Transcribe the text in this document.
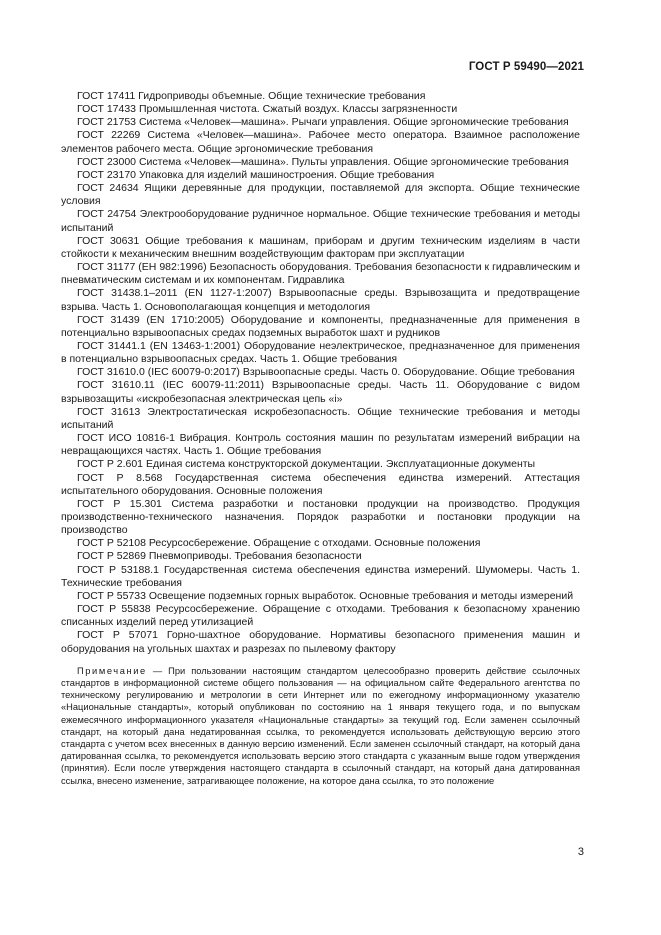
ГОСТ Р 59490—2021

ГОСТ 17411 Гидроприводы объемные. Общие технические требования

ГОСТ 17433 Промышленная чистота. Сжатый воздух. Классы загрязненности

ГОСТ 21753 Система «Человек—машина». Рычаги управления. Общие эргономические требования

ГОСТ 22269 Система «Человек—машина». Рабочее место оператора. Взаимное расположение элементов рабочего места. Общие эргономические требования

ГОСТ 23000 Система «Человек—машина». Пульты управления. Общие эргономические требования

ГОСТ 23170 Упаковка для изделий машиностроения. Общие требования

ГОСТ 24634 Ящики деревянные для продукции, поставляемой для экспорта. Общие технические условия

ГОСТ 24754 Электрооборудование рудничное нормальное. Общие технические требования и методы испытаний

ГОСТ 30631 Общие требования к машинам, приборам и другим техническим изделиям в части стойкости к механическим внешним воздействующим факторам при эксплуатации

ГОСТ 31177 (ЕН 982:1996) Безопасность оборудования. Требования безопасности к гидравлическим и пневматическим системам и их компонентам. Гидравлика

ГОСТ 31438.1–2011 (EN 1127-1:2007) Взрывоопасные среды. Взрывозащита и предотвращение взрыва. Часть 1. Основополагающая концепция и методология

ГОСТ 31439 (EN 1710:2005) Оборудование и компоненты, предназначенные для применения в потенциально взрывоопасных средах подземных выработок шахт и рудников

ГОСТ 31441.1 (EN 13463-1:2001) Оборудование неэлектрическое, предназначенное для применения в потенциально взрывоопасных средах. Часть 1. Общие требования

ГОСТ 31610.0 (IEC 60079-0:2017) Взрывоопасные среды. Часть 0. Оборудование. Общие требования

ГОСТ 31610.11 (IEC 60079-11:2011) Взрывоопасные среды. Часть 11. Оборудование с видом взрывозащиты «искробезопасная электрическая цепь «i»

ГОСТ 31613 Электростатическая искробезопасность. Общие технические требования и методы испытаний

ГОСТ ИСО 10816-1 Вибрация. Контроль состояния машин по результатам измерений вибрации на невращающихся частях. Часть 1. Общие требования

ГОСТ Р 2.601 Единая система конструкторской документации. Эксплуатационные документы

ГОСТ Р 8.568 Государственная система обеспечения единства измерений. Аттестация испытательного оборудования. Основные положения

ГОСТ Р 15.301 Система разработки и постановки продукции на производство. Продукция производственно-технического назначения. Порядок разработки и постановки продукции на производство

ГОСТ Р 52108 Ресурсосбережение. Обращение с отходами. Основные положения

ГОСТ Р 52869 Пневмоприводы. Требования безопасности

ГОСТ Р 53188.1 Государственная система обеспечения единства измерений. Шумомеры. Часть 1. Технические требования

ГОСТ Р 55733 Освещение подземных горных выработок. Основные требования и методы измерений

ГОСТ Р 55838 Ресурсосбережение. Обращение с отходами. Требования к безопасному хранению списанных изделий перед утилизацией

ГОСТ Р 57071 Горно-шахтное оборудование. Нормативы безопасного применения машин и оборудования на угольных шахтах и разрезах по пылевому фактору

Примечание — При пользовании настоящим стандартом целесообразно проверить действие ссылочных стандартов в информационной системе общего пользования — на официальном сайте Федерального агентства по техническому регулированию и метрологии в сети Интернет или по ежегодному информационному указателю «Национальные стандарты», который опубликован по состоянию на 1 января текущего года, и по выпускам ежемесячного информационного указателя «Национальные стандарты» за текущий год. Если заменен ссылочный стандарт, на который дана недатированная ссылка, то рекомендуется использовать действующую версию этого стандарта с учетом всех внесенных в данную версию изменений. Если заменен ссылочный стандарт, на который дана датированная ссылка, то рекомендуется использовать версию этого стандарта с указанным выше годом утверждения (принятия). Если после утверждения настоящего стандарта в ссылочный стандарт, на который дана датированная ссылка, внесено изменение, затрагивающее положение, на которое дана ссылка, то это положение

3
